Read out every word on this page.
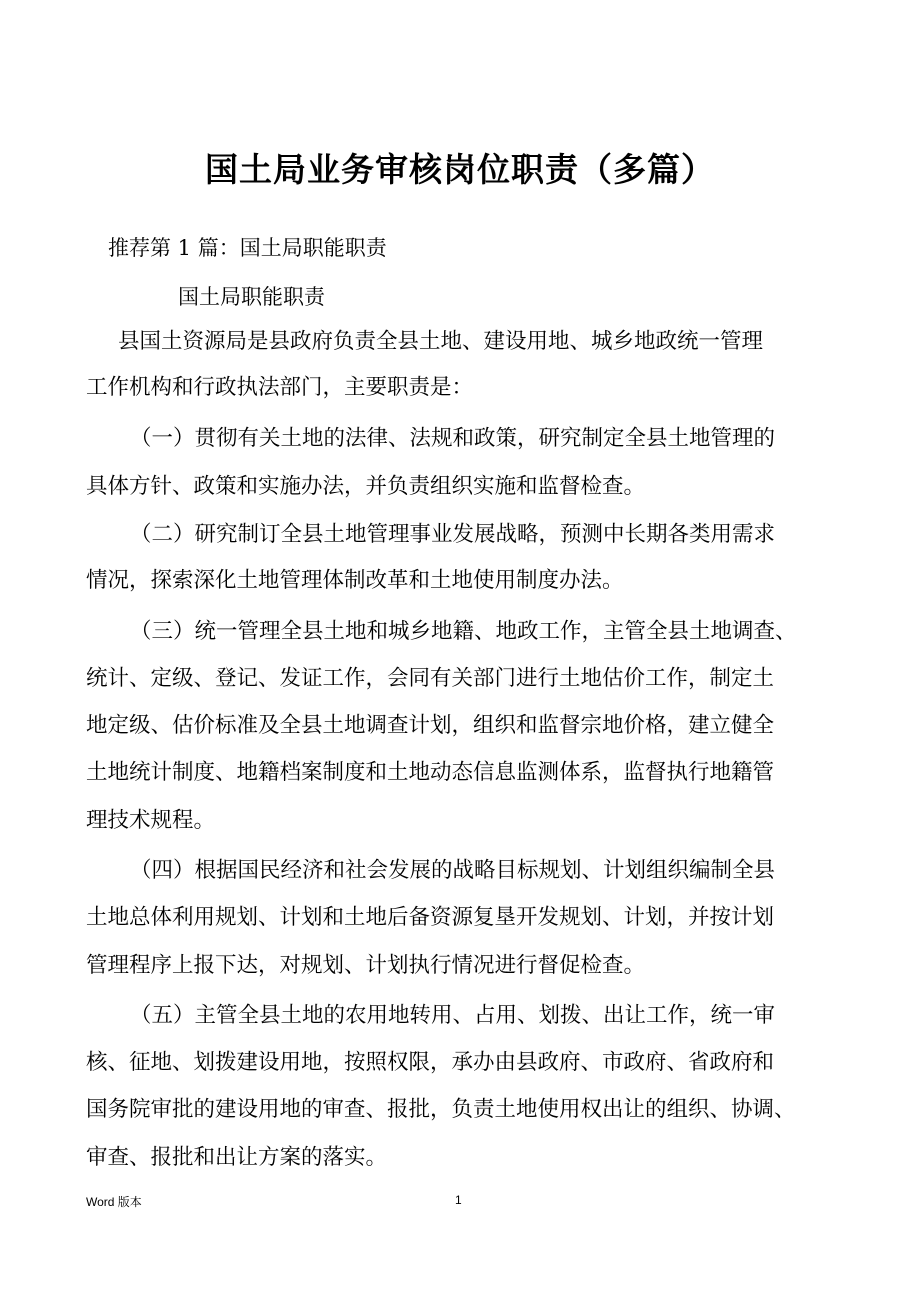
国土局业务审核岗位职责（多篇）
推荐第 1 篇：国土局职能职责
国土局职能职责
县国土资源局是县政府负责全县土地、建设用地、城乡地政统一管理
工作机构和行政执法部门，主要职责是：
（一）贯彻有关土地的法律、法规和政策，研究制定全县土地管理的
具体方针、政策和实施办法，并负责组织实施和监督检查。
（二）研究制订全县土地管理事业发展战略，预测中长期各类用需求
情况，探索深化土地管理体制改革和土地使用制度办法。
（三）统一管理全县土地和城乡地籍、地政工作，主管全县土地调查、
统计、定级、登记、发证工作，会同有关部门进行土地估价工作，制定土
地定级、估价标准及全县土地调查计划，组织和监督宗地价格，建立健全
土地统计制度、地籍档案制度和土地动态信息监测体系，监督执行地籍管
理技术规程。
（四）根据国民经济和社会发展的战略目标规划、计划组织编制全县
土地总体利用规划、计划和土地后备资源复垦开发规划、计划，并按计划
管理程序上报下达，对规划、计划执行情况进行督促检查。
（五）主管全县土地的农用地转用、占用、划拨、出让工作，统一审
核、征地、划拨建设用地，按照权限，承办由县政府、市政府、省政府和
国务院审批的建设用地的审查、报批，负责土地使用权出让的组织、协调、
审查、报批和出让方案的落实。
Word 版本	1
